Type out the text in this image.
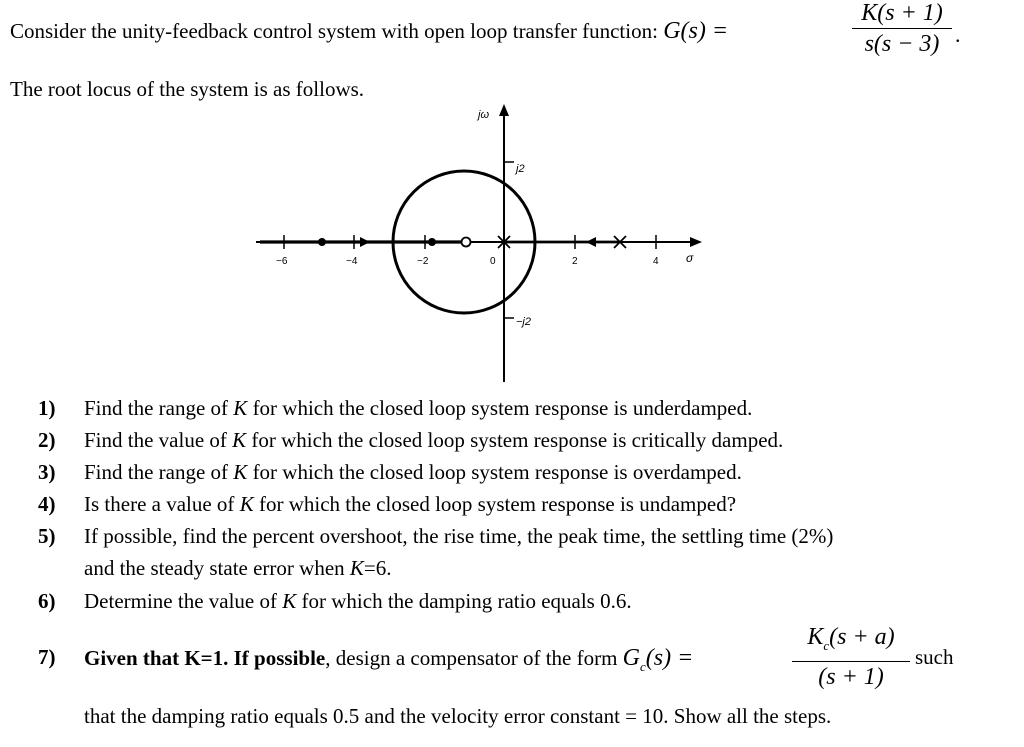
Consider the unity-feedback control system with open loop transfer function: G(s) =
K(s + 1)
s(s − 3) .
The root locus of the system is as follows.
jω
σ
j2
−j2
−6	−4	−2	0	2	4
1) Find the range of K for which the closed loop system response is underdamped.
2) Find the value of K for which the closed loop system response is critically damped.
3) Find the range of K for which the closed loop system response is overdamped.
4) Is there a value of K for which the closed loop system response is undamped?
5) If possible, find the percent overshoot, the rise time, the peak time, the settling time (2%)
and the steady state error when K=6.
6) Determine the value of K for which the damping ratio equals 0.6.
7) Given that K=1. If possible, design a compensator of the form $G_c(s)$ =
$K_c(s + a)$
(s + 1)
such
that the damping ratio equals 0.5 and the velocity error constant = 10. Show all the steps.
